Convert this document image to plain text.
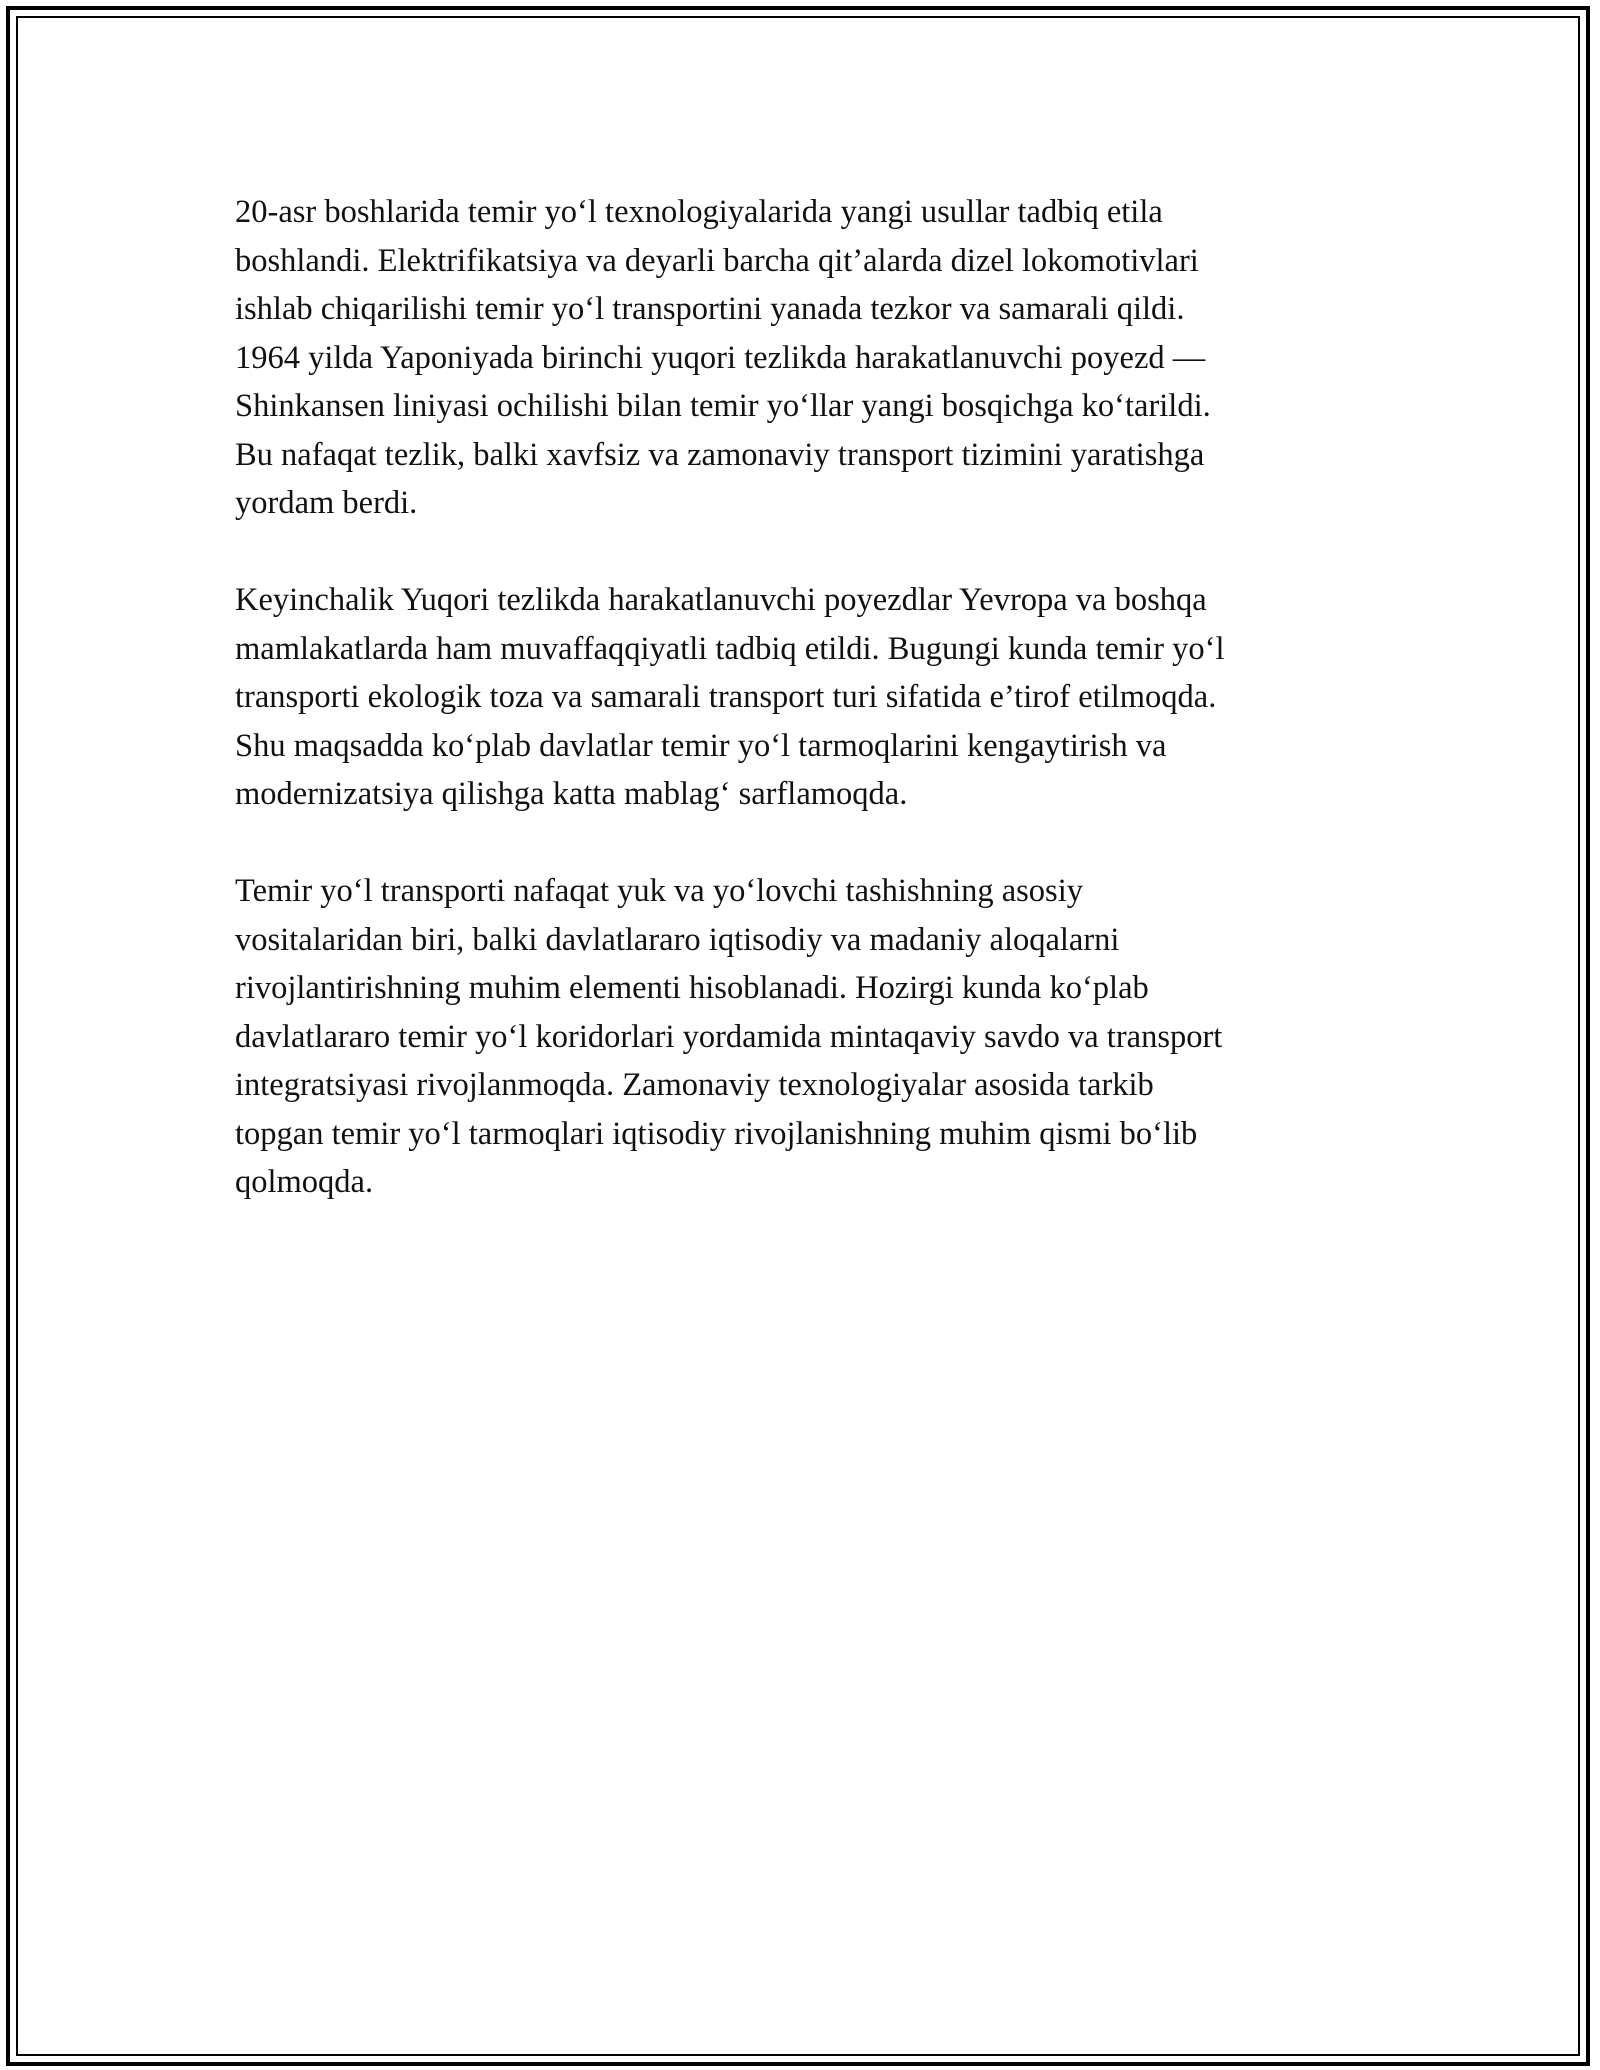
20-asr boshlarida temir yo‘l texnologiyalarida yangi usullar tadbiq etila
boshlandi. Elektrifikatsiya va deyarli barcha qit’alarda dizel lokomotivlari
ishlab chiqarilishi temir yo‘l transportini yanada tezkor va samarali qildi.
1964 yilda Yaponiyada birinchi yuqori tezlikda harakatlanuvchi poyezd —
Shinkansen liniyasi ochilishi bilan temir yo‘llar yangi bosqichga ko‘tarildi.
Bu nafaqat tezlik, balki xavfsiz va zamonaviy transport tizimini yaratishga
yordam berdi.

Keyinchalik Yuqori tezlikda harakatlanuvchi poyezdlar Yevropa va boshqa
mamlakatlarda ham muvaffaqqiyatli tadbiq etildi. Bugungi kunda temir yo‘l
transporti ekologik toza va samarali transport turi sifatida e’tirof etilmoqda.
Shu maqsadda ko‘plab davlatlar temir yo‘l tarmoqlarini kengaytirish va
modernizatsiya qilishga katta mablag‘ sarflamoqda.

Temir yo‘l transporti nafaqat yuk va yo‘lovchi tashishning asosiy
vositalaridan biri, balki davlatlararo iqtisodiy va madaniy aloqalarni
rivojlantirishning muhim elementi hisoblanadi. Hozirgi kunda ko‘plab
davlatlararo temir yo‘l koridorlari yordamida mintaqaviy savdo va transport
integratsiyasi rivojlanmoqda. Zamonaviy texnologiyalar asosida tarkib
topgan temir yo‘l tarmoqlari iqtisodiy rivojlanishning muhim qismi bo‘lib
qolmoqda.
